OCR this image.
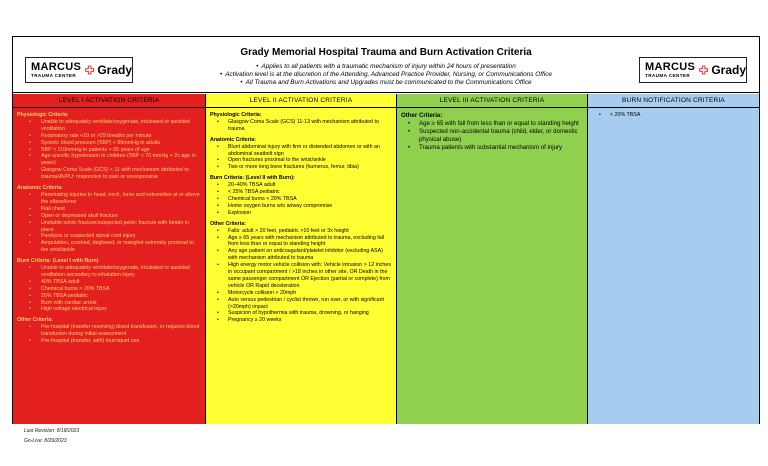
MARCUS
TRAUMA CENTER	Grady
Grady Memorial Hospital Trauma and Burn Activation Criteria
• Applies to all patients with a traumatic mechanism of injury within 24 hours of presentation
• Activation level is at the discretion of the Attending, Advanced Practice Provider, Nursing, or Communications Office
• All Trauma and Burn Activations and Upgrades must be communicated to the Communications Office
MARCUS
TRAUMA CENTER	Grady
LEVEL I ACTIVATION CRITERIA
Physiologic Criteria:
• Unable to adequately ventilate/oxygenate, intubated or assisted ventilation
• Respiratory rate <10 or >29 breaths per minute
• Systolic blood pressure (SBP) < 90mmHg in adults
• SBP < 110mmHg in patients > 65 years of age
• Age-specific hypotension in children (SBP < 70 mmHg + 2x age in years)
• Glasgow Coma Scale (GCS) < 11 with mechanism attributed to trauma/AVPU: responsive to pain or unresponsive
Anatomic Criteria:
• Penetrating injuries to head, neck, torso and extremities at or above the elbow/knee
• Flail chest
• Open or depressed skull fracture
• Unstable pelvic fracture/suspected pelvic fracture with binder in place
• Paralysis or suspected spinal cord injury
• Amputation, crushed, degloved, or mangled extremity proximal to the wrist/ankle
Burn Criteria: (Level I with Burn)
• Unable to adequately ventilate/oxygenate, intubated or assisted ventilation secondary to inhalation injury
• 40% TBSA adult
• Chemical burns > 20% TBSA
• 25% TBSA pediatric
• Burn with cardiac arrest
• High voltage electrical injury
Other Criteria:
• Pre-hospital (transfer receiving) blood transfusion, or requires blood transfusion during initial assessment
• Pre-hospital (transfer, with) tourniquet use
LEVEL II ACTIVATION CRITERIA
Physiologic Criteria:
• Glasgow Coma Scale (GCS) 11-13 with mechanism attributed to trauma
Anatomic Criteria:
• Blunt abdominal injury with firm or distended abdomen or with an abdominal seatbelt sign
• Open fractures proximal to the wrist/ankle
• Two or more long bone fractures (humerus, femur, tibia)
Burn Criteria: (Level II with Burn):
• 20–40% TBSA adult
• < 25% TBSA pediatric
• Chemical burns < 20% TBSA
• Home oxygen burns w/o airway compromise
• Explosion
Other Criteria:
• Falls: adult > 20 feet, pediatric >10 feet or 3x height
• Age ≥ 65 years with mechanism attributed to trauma, excluding fall from less than or equal to standing height
• Any age patient on anticoagulant/platelet inhibitor (excluding ASA) with mechanism attributed to trauma
• High energy motor vehicle collision with: Vehicle intrusion > 12 inches in occupant compartment / >18 inches in other site, OR Death in the same passenger compartment OR Ejection (partial or complete) from vehicle OR Rapid deceleration
• Motorcycle collision > 20mph
• Auto versus pedestrian / cyclist thrown, run over, or with significant (>20mph) impact
• Suspicion of hypothermia with trauma, drowning, or hanging
• Pregnancy ≥ 20 weeks
LEVEL III ACTIVATION CRITERIA
Other Criteria:
• Age ≥ 65 with fall from less than or equal to standing height
• Suspected non-accidental trauma (child, elder, or domestic physical abuse)
• Trauma patients with substantial mechanism of injury
BURN NOTIFICATION CRITERIA
• < 20% TBSA
Last Revision: 8/18/2023
Go-Live: 8/29/2023
